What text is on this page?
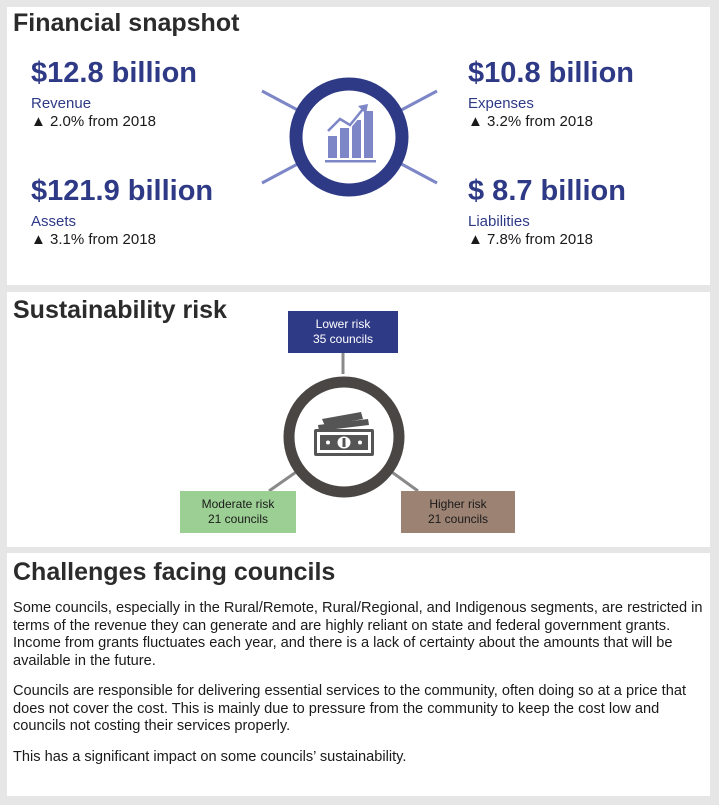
Financial snapshot
$12.8 billion
Revenue
▲ 2.0% from 2018
$10.8 billion
Expenses
▲ 3.2% from 2018
$121.9 billion
Assets
▲ 3.1% from 2018
$ 8.7 billion
Liabilities
▲ 7.8% from 2018
Sustainability risk	Lower risk
35 councils
Moderate risk
21 councils
Higher risk
21 councils
Challenges facing councils

Some councils, especially in the Rural/Remote, Rural/Regional, and Indigenous segments, are restricted in terms of the revenue they can generate and are highly reliant on state and federal government grants. Income from grants fluctuates each year, and there is a lack of certainty about the amounts that will be available in the future.

Councils are responsible for delivering essential services to the community, often doing so at a price that does not cover the cost. This is mainly due to pressure from the community to keep the cost low and councils not costing their services properly.

This has a significant impact on some councils’ sustainability.
